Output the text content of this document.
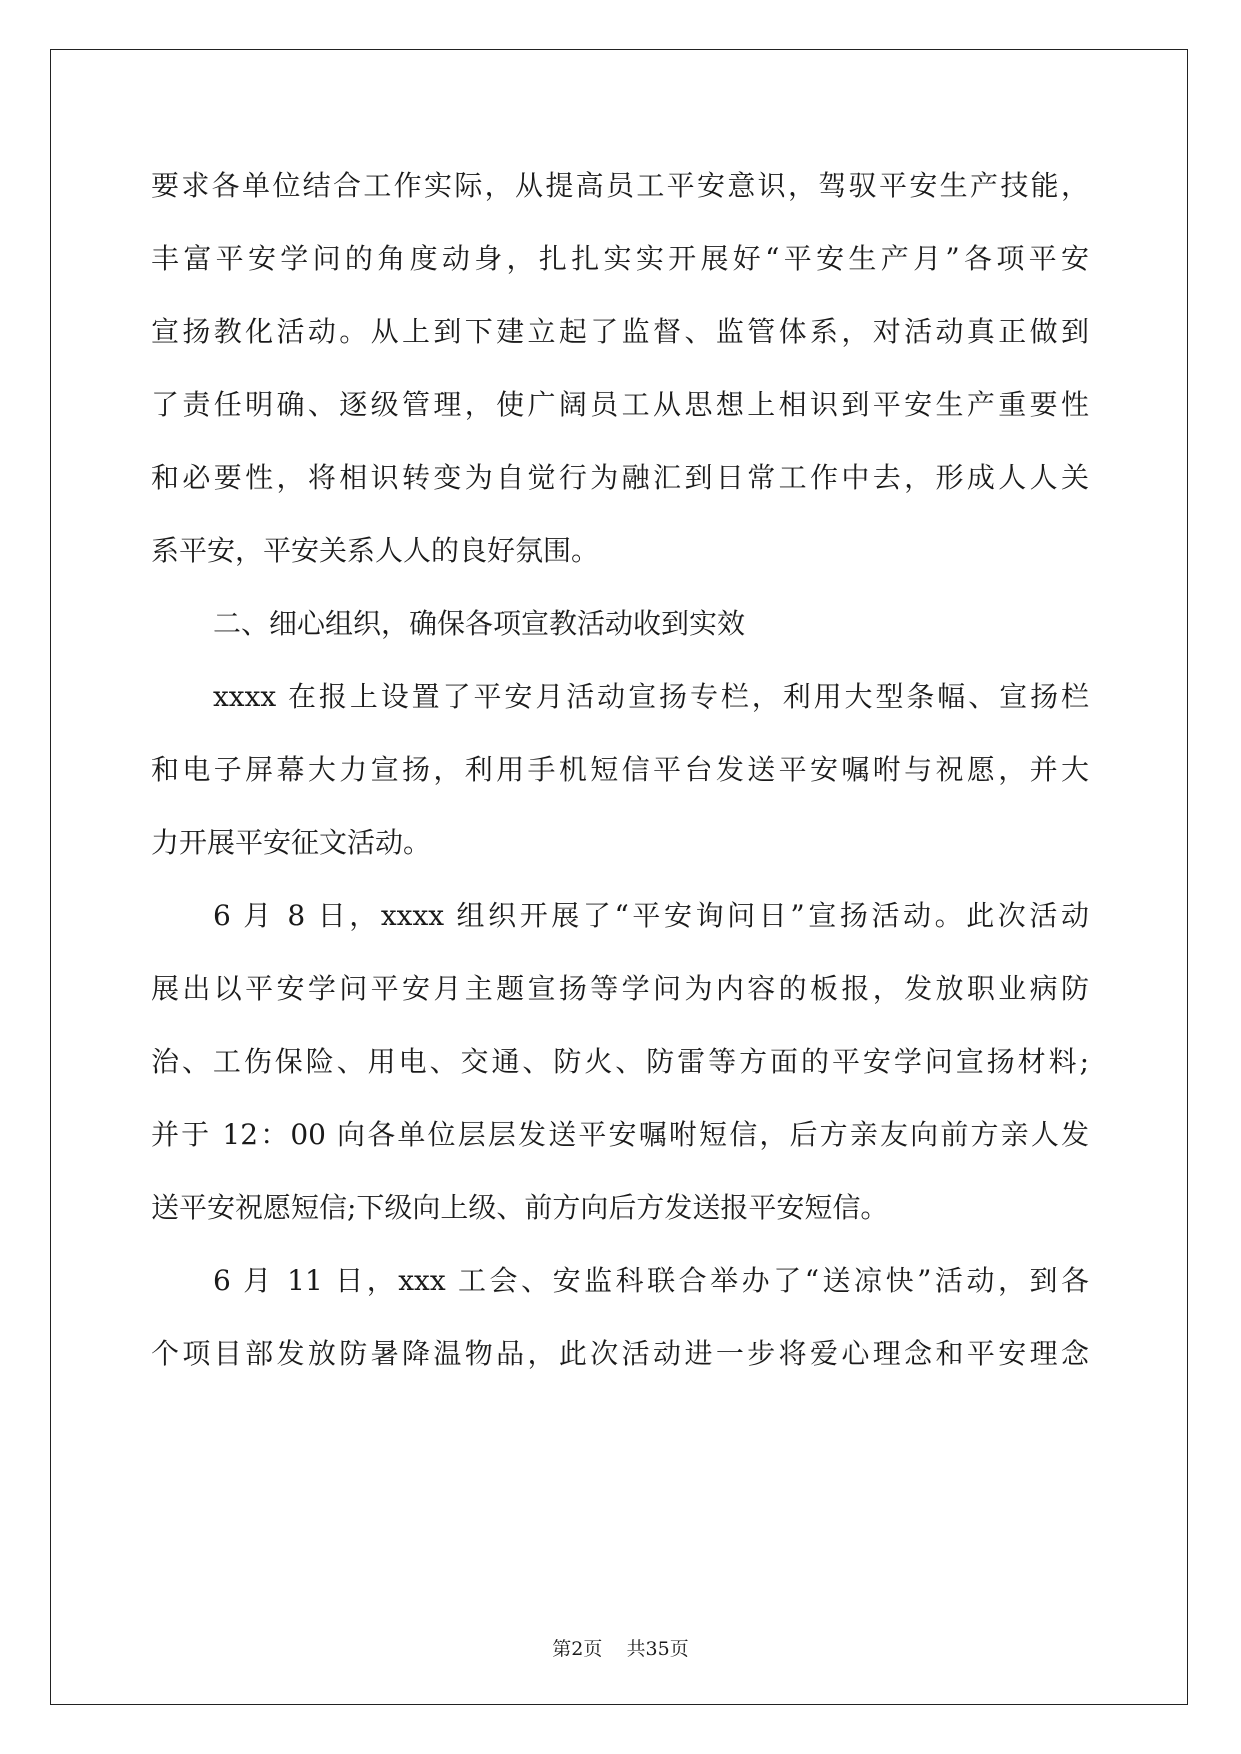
要求各单位结合工作实际，从提高员工平安意识，驾驭平安生产技能，
丰富平安学问的角度动身，扎扎实实开展好“平安生产月”各项平安
宣扬教化活动。从上到下建立起了监督、监管体系，对活动真正做到
了责任明确、逐级管理，使广阔员工从思想上相识到平安生产重要性
和必要性，将相识转变为自觉行为融汇到日常工作中去，形成人人关
系平安，平安关系人人的良好氛围。
二、细心组织，确保各项宣教活动收到实效
xxxx 在报上设置了平安月活动宣扬专栏，利用大型条幅、宣扬栏
和电子屏幕大力宣扬，利用手机短信平台发送平安嘱咐与祝愿，并大
力开展平安征文活动。
6 月 8 日，xxxx 组织开展了“平安询问日”宣扬活动。此次活动
展出以平安学问平安月主题宣扬等学问为内容的板报，发放职业病防
治、工伤保险、用电、交通、防火、防雷等方面的平安学问宣扬材料;
并于 12：00 向各单位层层发送平安嘱咐短信，后方亲友向前方亲人发
送平安祝愿短信;下级向上级、前方向后方发送报平安短信。
6 月 11 日，xxx 工会、安监科联合举办了“送凉快”活动，到各
个项目部发放防暑降温物品，此次活动进一步将爱心理念和平安理念
第2页    共35页
